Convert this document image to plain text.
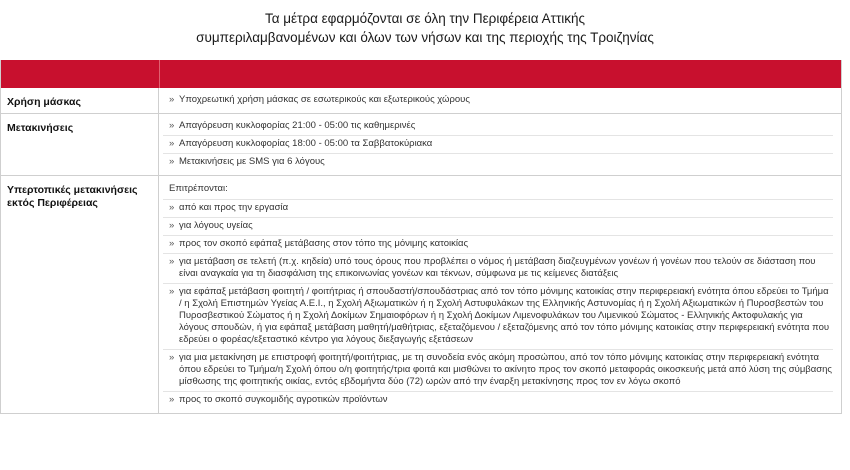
Τα μέτρα εφαρμόζονται σε όλη την Περιφέρεια Αττικής
συμπεριλαμβανομένων και όλων των νήσων και της περιοχής της Τροιζηνίας
Χρήση μάσκας	» Υποχρεωτική χρήση μάσκας σε εσωτερικούς και εξωτερικούς χώρους
Μετακινήσεις	» Απαγόρευση κυκλοφορίας 21:00 - 05:00 τις καθημερινές
» Απαγόρευση κυκλοφορίας 18:00 - 05:00 τα Σαββατοκύριακα
» Μετακινήσεις με SMS για 6 λόγους
Υπερτοπικές μετακινήσεις εκτός Περιφέρειας
Επιτρέπονται:
» από και προς την εργασία
» για λόγους υγείας
» προς τον σκοπό εφάπαξ μετάβασης στον τόπο της μόνιμης κατοικίας
» για μετάβαση σε τελετή (π.χ. κηδεία) υπό τους όρους που προβλέπει ο νόμος ή μετάβαση διαζευγμένων γονέων ή γονέων που τελούν σε διάσταση που είναι αναγκαία για τη διασφάλιση της επικοινωνίας γονέων και τέκνων, σύμφωνα με τις κείμενες διατάξεις
» για εφάπαξ μετάβαση φοιτητή / φοιτήτριας ή σπουδαστή/σπουδάστριας από τον τόπο μόνιμης κατοικίας στην περιφερειακή ενότητα όπου εδρεύει το Τμήμα / η Σχολή Επιστημών Υγείας Α.Ε.Ι., η Σχολή Αξιωματικών ή η Σχολή Αστυφυλάκων της Ελληνικής Αστυνομίας ή η Σχολή Αξιωματικών ή Πυροσβεστών του Πυροσβεστικού Σώματος ή η Σχολή Δοκίμων Σημαιοφόρων ή η Σχολή Δοκίμων Λιμενοφυλάκων του Λιμενικού Σώματος - Ελληνικής Ακτοφυλακής για λόγους σπουδών, ή για εφάπαξ μετάβαση μαθητή/μαθήτριας, εξεταζόμενου / εξεταζόμενης από τον τόπο μόνιμης κατοικίας στην περιφερειακή ενότητα που εδρεύει ο φορέας/εξεταστικό κέντρο για λόγους διεξαγωγής εξετάσεων
» για μια μετακίνηση με επιστροφή φοιτητή/φοιτήτριας, με τη συνοδεία ενός ακόμη προσώπου, από τον τόπο μόνιμης κατοικίας στην περιφερειακή ενότητα όπου εδρεύει το Τμήμα/η Σχολή όπου ο/η φοιτητής/τρια φοιτά και μισθώνει το ακίνητο προς τον σκοπό μεταφοράς οικοσκευής μετά από λύση της σύμβασης μίσθωσης της φοιτητικής οικίας, εντός εβδομήντα δύο (72) ωρών από την έναρξη μετακίνησης προς τον εν λόγω σκοπό
» προς το σκοπό συγκομιδής αγροτικών προϊόντων
